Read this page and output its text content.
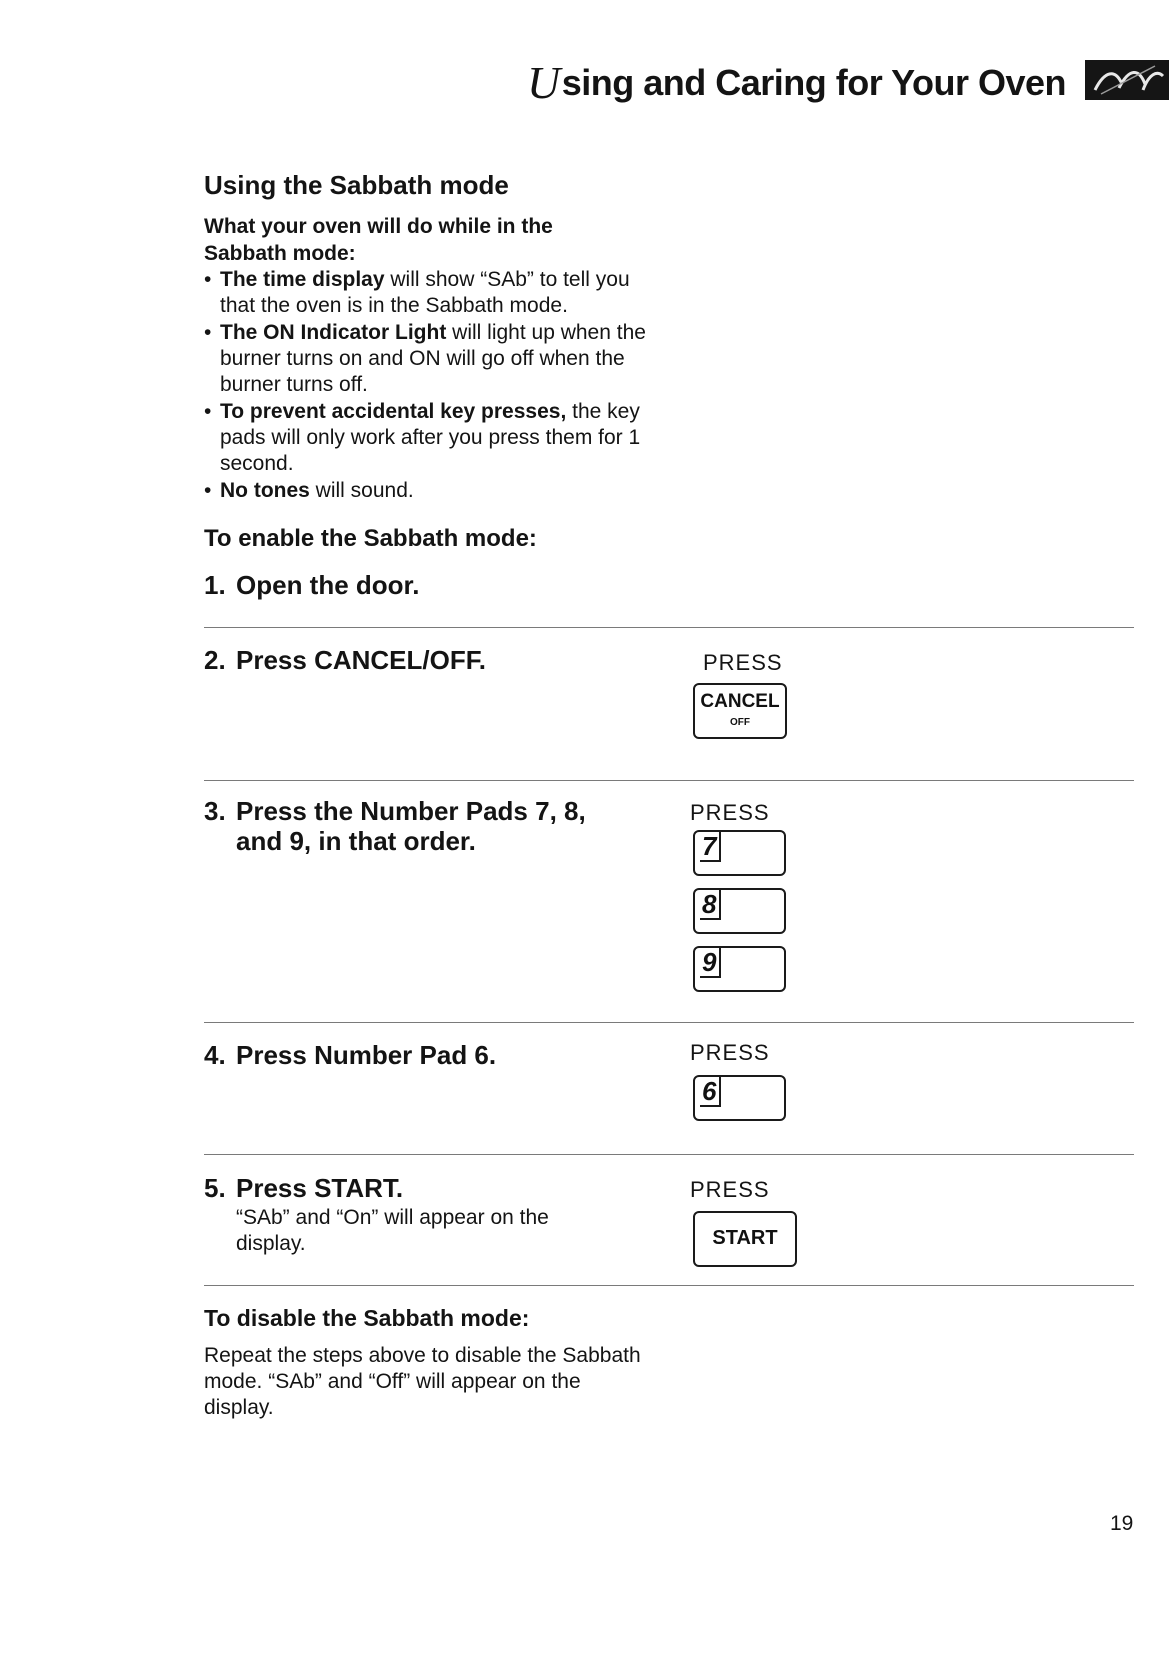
Using and Caring for Your Oven
Using the Sabbath mode
What your oven will do while in the Sabbath mode:
• The time display will show “SAb” to tell you that the oven is in the Sabbath mode.
• The ON Indicator Light will light up when the burner turns on and ON will go off when the burner turns off.
• To prevent accidental key presses, the key pads will only work after you press them for 1 second.
• No tones will sound.
To enable the Sabbath mode:
1. Open the door.
2. Press CANCEL/OFF.	PRESS
CANCEL
OFF
3. Press the Number Pads 7, 8, and 9, in that order.
PRESS
7
8
9
4. Press Number Pad 6.	PRESS
6
5. Press START.
“SAb” and “On” will appear on the display.
PRESS
START
To disable the Sabbath mode:
Repeat the steps above to disable the Sabbath mode. “SAb” and “Off” will appear on the display.
19
